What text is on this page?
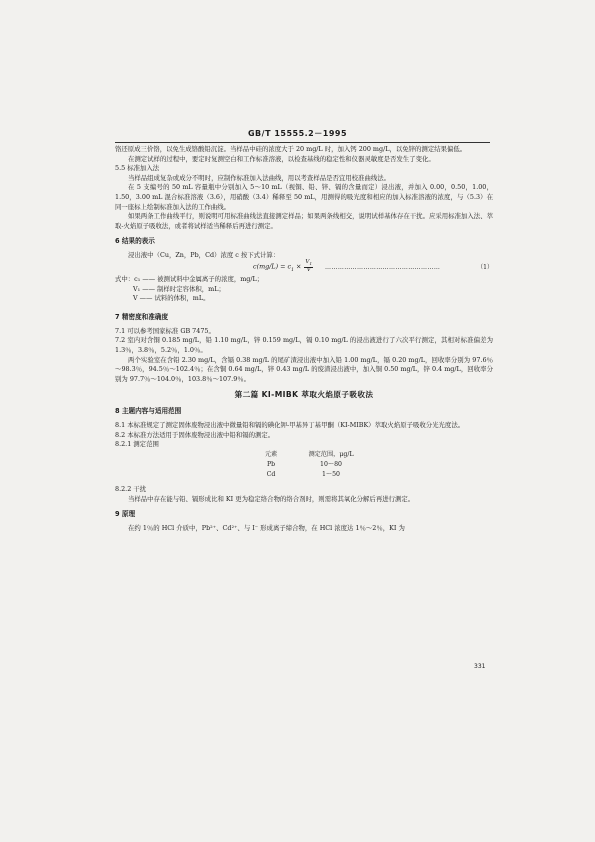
GB/T 15555.2－1995

铬还原成三价铬，以免生成铬酸铅沉淀。当样品中硅的浓度大于 20 mg/L 时，加入钙 200 mg/L，以免锌的测定结果偏低。

在测定试样的过程中，要定时复测空白和工作标准溶液，以检查基线的稳定性和仪器灵敏度是否发生了变化。

5.5 标准加入法

当样品组成复杂或成分不明时，应制作标准加入法曲线，用以考查样品是否宜用校准曲线法。

在 5 支编号的 50 mL 容量瓶中分别加入 5～10 mL（视铜、铅、锌、镉的含量而定）浸出液，并加入 0.00，0.50，1.00，1.50，3.00 mL 混合标准溶液（3.6），用硝酸（3.4）稀释至 50 mL，用测得的吸光度和相应的加入标准溶液的浓度，与（5.3）在同一座标上绘制标准加入法的工作曲线。

如果两条工作曲线平行，则说明可用标准曲线法直接测定样品；如果两条线相交，说明试样基体存在干扰。应采用标准加入法、萃取-火焰原子吸收法，或者将试样适当稀释后再进行测定。

6 结果的表示

浸出液中（Cu，Zn，Pb，Cd）浓度 c 按下式计算：

$c(mg/L) = c_1 \times \frac{V_1}{V}$ ………………………………………………	（1）
式中：c₁ —— 被测试料中金属离子的浓度，mg/L；
V₁ —— 制样时定容体积，mL；
V —— 试料的体积，mL。

7 精密度和准确度

7.1 可以参考国家标准 GB 7475。

7.2 室内对含铜 0.185 mg/L，铅 1.10 mg/L，锌 0.159 mg/L，镉 0.10 mg/L 的浸出液进行了六次平行测定，其相对标准偏差为 1.3％，3.8％，5.2％，1.0％。

两个实验室在含铅 2.30 mg/L，含镉 0.38 mg/L 的尾矿渣浸出液中加入铅 1.00 mg/L，镉 0.20 mg/L，回收率分别为 97.6％～98.3％，94.5％～102.4％；在含铜 0.64 mg/L，锌 0.43 mg/L 的废渣浸出液中，加入铜 0.50 mg/L，锌 0.4 mg/L，回收率分别为 97.7％～104.0％，103.8％～107.9％。

第二篇 KI-MIBK 萃取火焰原子吸收法

8 主题内容与适用范围

8.1 本标准规定了测定固体废物浸出液中微量铅和镉的碘化钾-甲基异丁基甲酮（KI-MIBK）萃取火焰原子吸收分光光度法。

8.2 本标准方法适用于固体废物浸出液中铅和镉的测定。

8.2.1 测定范围

元素	测定范围，μg/L
Pb	10～80
Cd	1～50

8.2.2 干扰

当样品中存在能与铅、镉形成比和 KI 更为稳定络合物的络合剂时，则需将其氧化分解后再进行测定。

9 原理

在约 1％的 HCl 介质中，Pb²⁺、Cd²⁺、与 I⁻ 形成离子缔合物，在 HCl 浓度达 1％～2％，KI 为

331
